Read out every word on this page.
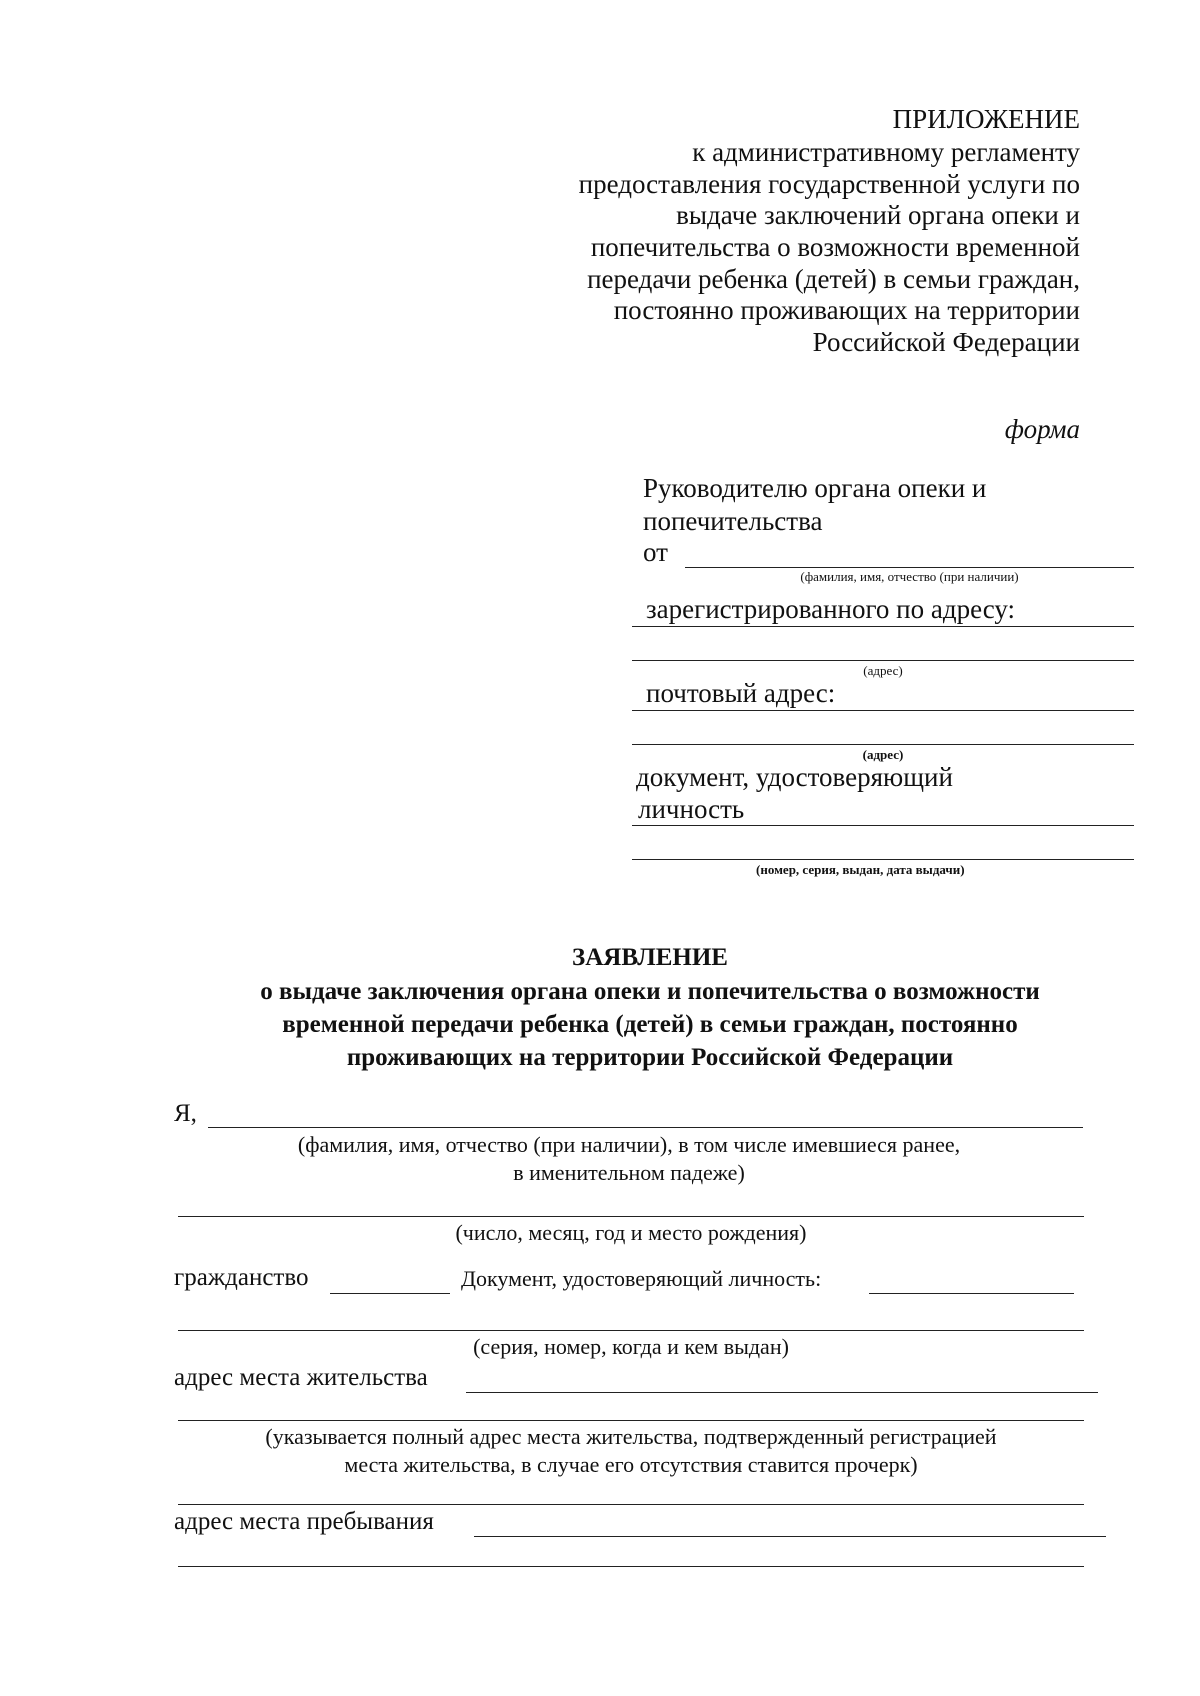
ПРИЛОЖЕНИЕ
к административному регламенту
предоставления государственной услуги по
выдаче заключений органа опеки и
попечительства о возможности временной
передачи ребенка (детей) в семьи граждан,
постоянно проживающих на территории
Российской Федерации
форма
Руководителю органа опеки и
попечительства
от
(фамилия, имя, отчество (при наличии)
зарегистрированного по адресу:
(адрес)
почтовый адрес:
(адрес)
документ, удостоверяющий
личность
(номер, серия, выдан, дата выдачи)
ЗАЯВЛЕНИЕ
о выдаче заключения органа опеки и попечительства о возможности
временной передачи ребенка (детей) в семьи граждан, постоянно
проживающих на территории Российской Федерации
Я,
(фамилия, имя, отчество (при наличии), в том числе имевшиеся ранее,
в именительном падеже)
(число, месяц, год и место рождения)
гражданство	Документ, удостоверяющий личность:
(серия, номер, когда и кем выдан)
адрес места жительства
(указывается полный адрес места жительства, подтвержденный регистрацией
места жительства, в случае его отсутствия ставится прочерк)
адрес места пребывания
